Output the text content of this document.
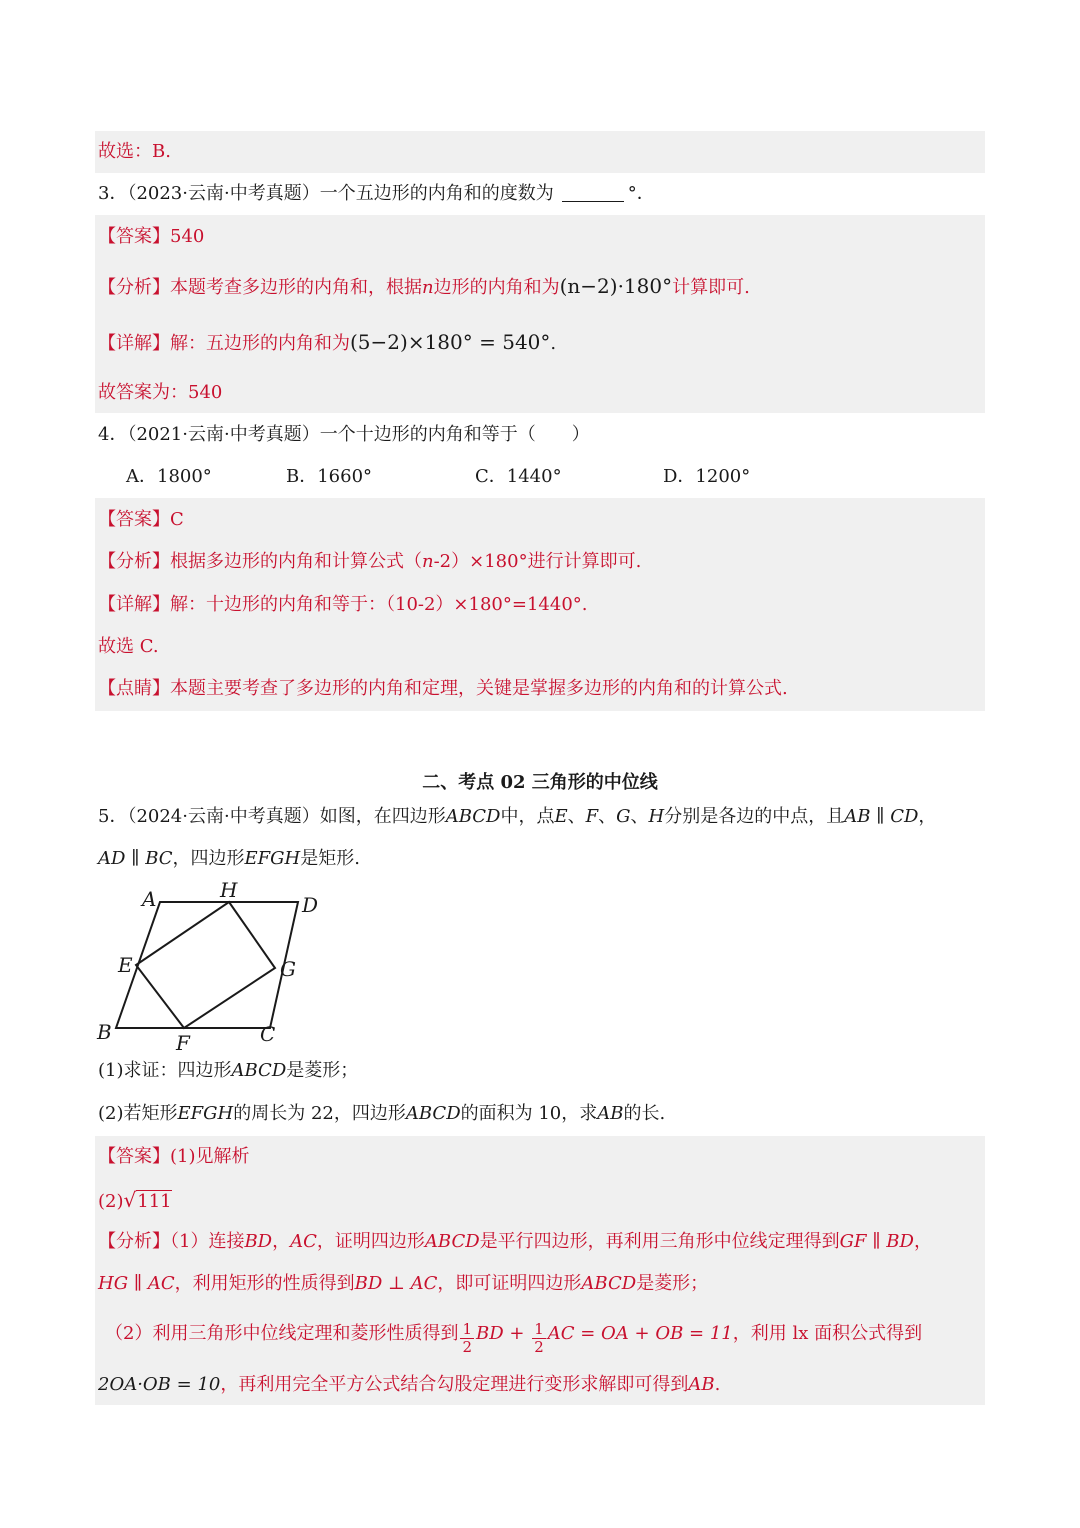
故选：B.
3．（2023·云南·中考真题）一个五边形的内角和的度数为	°．
【答案】540
【分析】本题考查多边形的内角和，根据n边形的内角和为(n−2)·180°计算即可.
【详解】解：五边形的内角和为(5−2)×180° = 540°.
故答案为：540
4．（2021·云南·中考真题）一个十边形的内角和等于（　　）
A．1800°	B．1660°	C．1440°	D．1200°
【答案】C
【分析】根据多边形的内角和计算公式（n-2）×180°进行计算即可.
【详解】解：十边形的内角和等于：（10-2）×180°=1440°.
故选 C.
【点睛】本题主要考查了多边形的内角和定理，关键是掌握多边形的内角和的计算公式.
二、考点 02 三角形的中位线
5．（2024·云南·中考真题）如图，在四边形ABCD中，点E、F、G、H分别是各边的中点，且AB ∥ CD，
AD ∥ BC，四边形EFGH是矩形.
A	H
D
E	G
B	F	C
(1)求证：四边形ABCD是菱形；
(2)若矩形EFGH的周长为 22，四边形ABCD的面积为 10，求AB的长.
【答案】(1)见解析
(2)√111
【分析】（1）连接BD，AC，证明四边形ABCD是平行四边形，再利用三角形中位线定理得到GF ∥ BD，
HG ∥ AC，利用矩形的性质得到BD ⊥ AC，即可证明四边形ABCD是菱形；
（2）利用三角形中位线定理和菱形性质得到 $\frac{1}{2}$ BD + $\frac{1}{2}$ AC = OA + OB = 11，利用 lx 面积公式得到
2OA·OB = 10，再利用完全平方公式结合勾股定理进行变形求解即可得到AB.
